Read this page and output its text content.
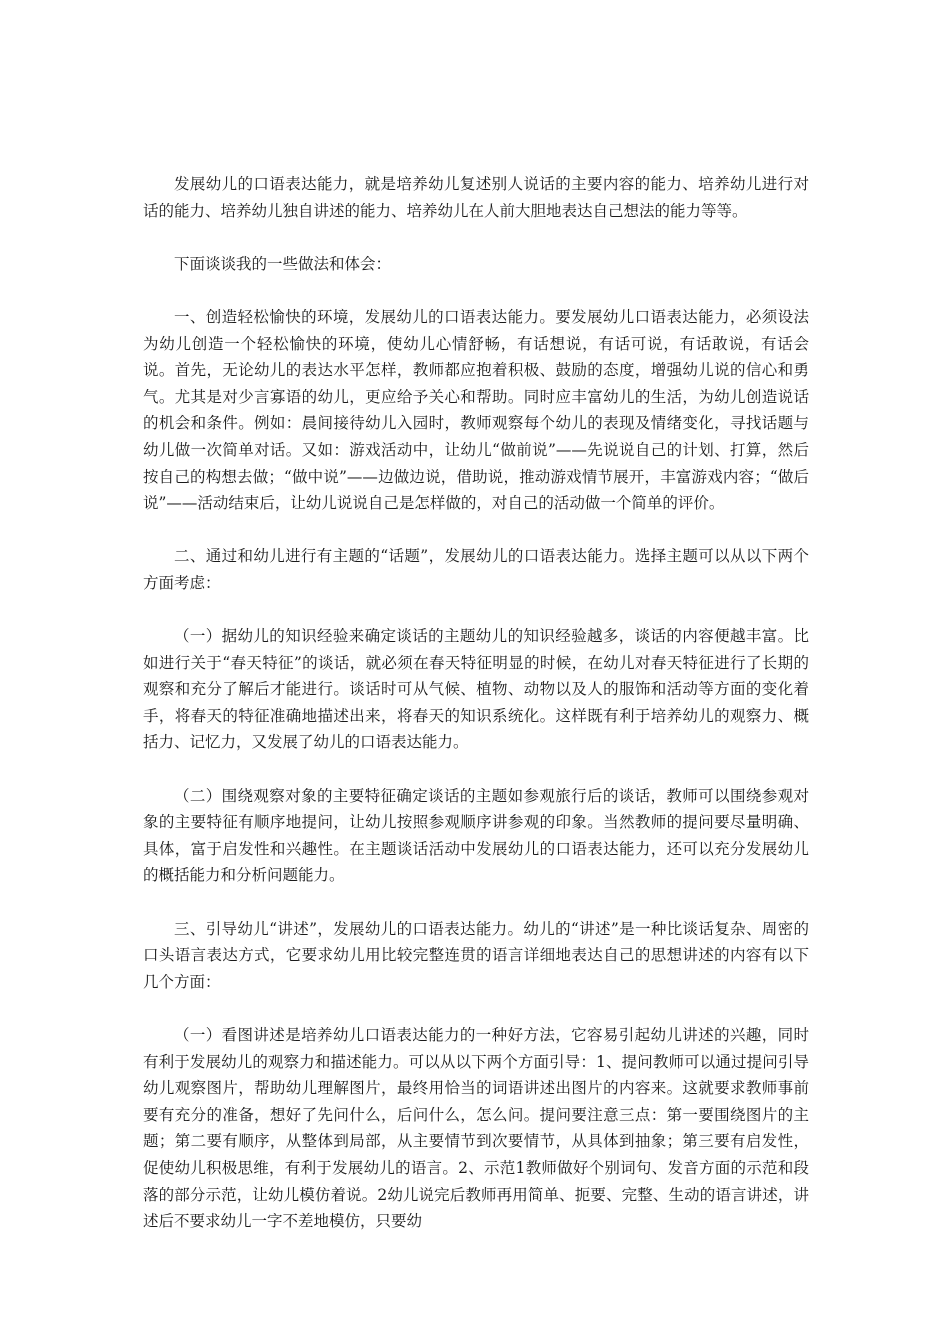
发展幼儿的口语表达能力，就是培养幼儿复述别人说话的主要内容的能力、培养幼儿进行对话的能力、培养幼儿独自讲述的能力、培养幼儿在人前大胆地表达自己想法的能力等等。

下面谈谈我的一些做法和体会：

一、创造轻松愉快的环境，发展幼儿的口语表达能力。要发展幼儿口语表达能力，必须设法为幼儿创造一个轻松愉快的环境，使幼儿心情舒畅，有话想说，有话可说，有话敢说，有话会说。首先，无论幼儿的表达水平怎样，教师都应抱着积极、鼓励的态度，增强幼儿说的信心和勇气。尤其是对少言寡语的幼儿，更应给予关心和帮助。同时应丰富幼儿的生活，为幼儿创造说话的机会和条件。例如：晨间接待幼儿入园时，教师观察每个幼儿的表现及情绪变化，寻找话题与幼儿做一次简单对话。又如：游戏活动中，让幼儿“做前说”——先说说自己的计划、打算，然后按自己的构想去做；“做中说”——边做边说，借助说，推动游戏情节展开，丰富游戏内容；“做后说”——活动结束后，让幼儿说说自己是怎样做的，对自己的活动做一个简单的评价。

二、通过和幼儿进行有主题的“话题”，发展幼儿的口语表达能力。选择主题可以从以下两个方面考虑：

（一）据幼儿的知识经验来确定谈话的主题幼儿的知识经验越多，谈话的内容便越丰富。比如进行关于“春天特征”的谈话，就必须在春天特征明显的时候，在幼儿对春天特征进行了长期的观察和充分了解后才能进行。谈话时可从气候、植物、动物以及人的服饰和活动等方面的变化着手，将春天的特征准确地描述出来，将春天的知识系统化。这样既有利于培养幼儿的观察力、概括力、记忆力，又发展了幼儿的口语表达能力。

（二）围绕观察对象的主要特征确定谈话的主题如参观旅行后的谈话，教师可以围绕参观对象的主要特征有顺序地提问，让幼儿按照参观顺序讲参观的印象。当然教师的提问要尽量明确、具体，富于启发性和兴趣性。在主题谈话活动中发展幼儿的口语表达能力，还可以充分发展幼儿的概括能力和分析问题能力。

三、引导幼儿“讲述”，发展幼儿的口语表达能力。幼儿的“讲述”是一种比谈话复杂、周密的口头语言表达方式，它要求幼儿用比较完整连贯的语言详细地表达自己的思想讲述的内容有以下几个方面：

（一）看图讲述是培养幼儿口语表达能力的一种好方法，它容易引起幼儿讲述的兴趣，同时有利于发展幼儿的观察力和描述能力。可以从以下两个方面引导：1、提问教师可以通过提问引导幼儿观察图片，帮助幼儿理解图片，最终用恰当的词语讲述出图片的内容来。这就要求教师事前要有充分的准备，想好了先问什么，后问什么，怎么问。提问要注意三点：第一要围绕图片的主题；第二要有顺序，从整体到局部，从主要情节到次要情节，从具体到抽象；第三要有启发性，促使幼儿积极思维，有利于发展幼儿的语言。2、示范1教师做好个别词句、发音方面的示范和段落的部分示范，让幼儿模仿着说。2幼儿说完后教师再用简单、扼要、完整、生动的语言讲述，讲述后不要求幼儿一字不差地模仿，只要幼
